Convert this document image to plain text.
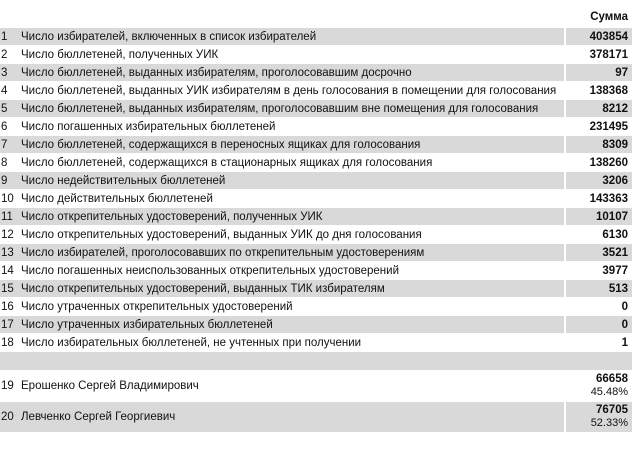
		Сумма
1	Число избирателей, включенных в список избирателей	403854
2	Число бюллетеней, полученных УИК	378171
3	Число бюллетеней, выданных избирателям, проголосовавшим досрочно	97
4	Число бюллетеней, выданных УИК избирателям в день голосования в помещении для голосования	138368
5	Число бюллетеней, выданных избирателям, проголосовавшим вне помещения для голосования	8212
6	Число погашенных избирательных бюллетеней	231495
7	Число бюллетеней, содержащихся в переносных ящиках для голосования	8309
8	Число бюллетеней, содержащихся в стационарных ящиках для голосования	138260
9	Число недействительных бюллетеней	3206
10	Число действительных бюллетеней	143363
11	Число открепительных удостоверений, полученных УИК	10107
12	Число открепительных удостоверений, выданных УИК до дня голосования	6130
13	Число избирателей, проголосовавших по открепительным удостоверениям	3521
14	Число погашенных неиспользованных открепительных удостоверений	3977
15	Число открепительных удостоверений, выданных ТИК избирателям	513
16	Число утраченных открепительных удостоверений	0
17	Число утраченных избирательных бюллетеней	0
18	Число избирательных бюллетеней, не учтенных при получении	1

19	Ерошенко Сергей Владимирович	66658
45.48%

20	Левченко Сергей Георгиевич	76705
52.33%
